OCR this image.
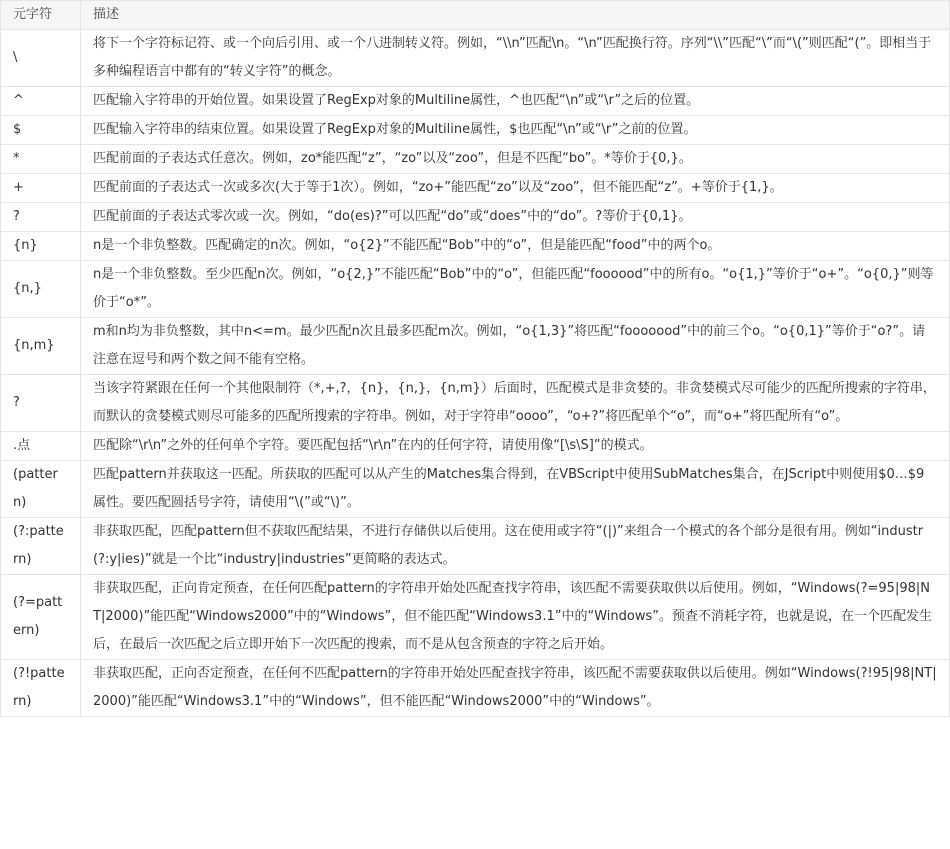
元字符	描述
\	将下一个字符标记符、或一个向后引用、或一个八进制转义符。例如，“\\n”匹配\n。“\n”匹配换行符。序列“\\”匹配“\”而“\(”则匹配“(”。即相当于多种编程语言中都有的“转义字符”的概念。
^	匹配输入字符串的开始位置。如果设置了RegExp对象的Multiline属性，^也匹配“\n”或“\r”之后的位置。
$	匹配输入字符串的结束位置。如果设置了RegExp对象的Multiline属性，$也匹配“\n”或“\r”之前的位置。
*	匹配前面的子表达式任意次。例如，zo*能匹配“z”，“zo”以及“zoo”，但是不匹配“bo”。*等价于{0,}。
+	匹配前面的子表达式一次或多次(大于等于1次）。例如，“zo+”能匹配“zo”以及“zoo”，但不能匹配“z”。+等价于{1,}。
?	匹配前面的子表达式零次或一次。例如，“do(es)?”可以匹配“do”或“does”中的“do”。?等价于{0,1}。
{n}	n是一个非负整数。匹配确定的n次。例如，“o{2}”不能匹配“Bob”中的“o”，但是能匹配“food”中的两个o。
{n,}	n是一个非负整数。至少匹配n次。例如，“o{2,}”不能匹配“Bob”中的“o”，但能匹配“foooood”中的所有o。“o{1,}”等价于“o+”。“o{0,}”则等价于“o*”。
{n,m}	m和n均为非负整数，其中n<=m。最少匹配n次且最多匹配m次。例如，“o{1,3}”将匹配“fooooood”中的前三个o。“o{0,1}”等价于“o?”。请注意在逗号和两个数之间不能有空格。
?	当该字符紧跟在任何一个其他限制符（*,+,?，{n}，{n,}，{n,m}）后面时，匹配模式是非贪婪的。非贪婪模式尽可能少的匹配所搜索的字符串，而默认的贪婪模式则尽可能多的匹配所搜索的字符串。例如，对于字符串“oooo”，“o+?”将匹配单个“o”，而“o+”将匹配所有“o”。
.点	匹配除“\r\n”之外的任何单个字符。要匹配包括“\r\n”在内的任何字符，请使用像“[\s\S]”的模式。
(pattern)	匹配pattern并获取这一匹配。所获取的匹配可以从产生的Matches集合得到，在VBScript中使用SubMatches集合，在JScript中则使用$0…$9属性。要匹配圆括号字符，请使用“\(”或“\)”。
(?:pattern)	非获取匹配，匹配pattern但不获取匹配结果，不进行存储供以后使用。这在使用或字符“(|)”来组合一个模式的各个部分是很有用。例如“industr(?:y|ies)”就是一个比“industry|industries”更简略的表达式。
(?=pattern)	非获取匹配，正向肯定预查，在任何匹配pattern的字符串开始处匹配查找字符串，该匹配不需要获取供以后使用。例如，“Windows(?=95|98|NT|2000)”能匹配“Windows2000”中的“Windows”，但不能匹配“Windows3.1”中的“Windows”。预查不消耗字符，也就是说，在一个匹配发生后，在最后一次匹配之后立即开始下一次匹配的搜索，而不是从包含预查的字符之后开始。
(?!pattern)	非获取匹配，正向否定预查，在任何不匹配pattern的字符串开始处匹配查找字符串，该匹配不需要获取供以后使用。例如“Windows(?!95|98|NT|2000)”能匹配“Windows3.1”中的“Windows”，但不能匹配“Windows2000”中的“Windows”。
